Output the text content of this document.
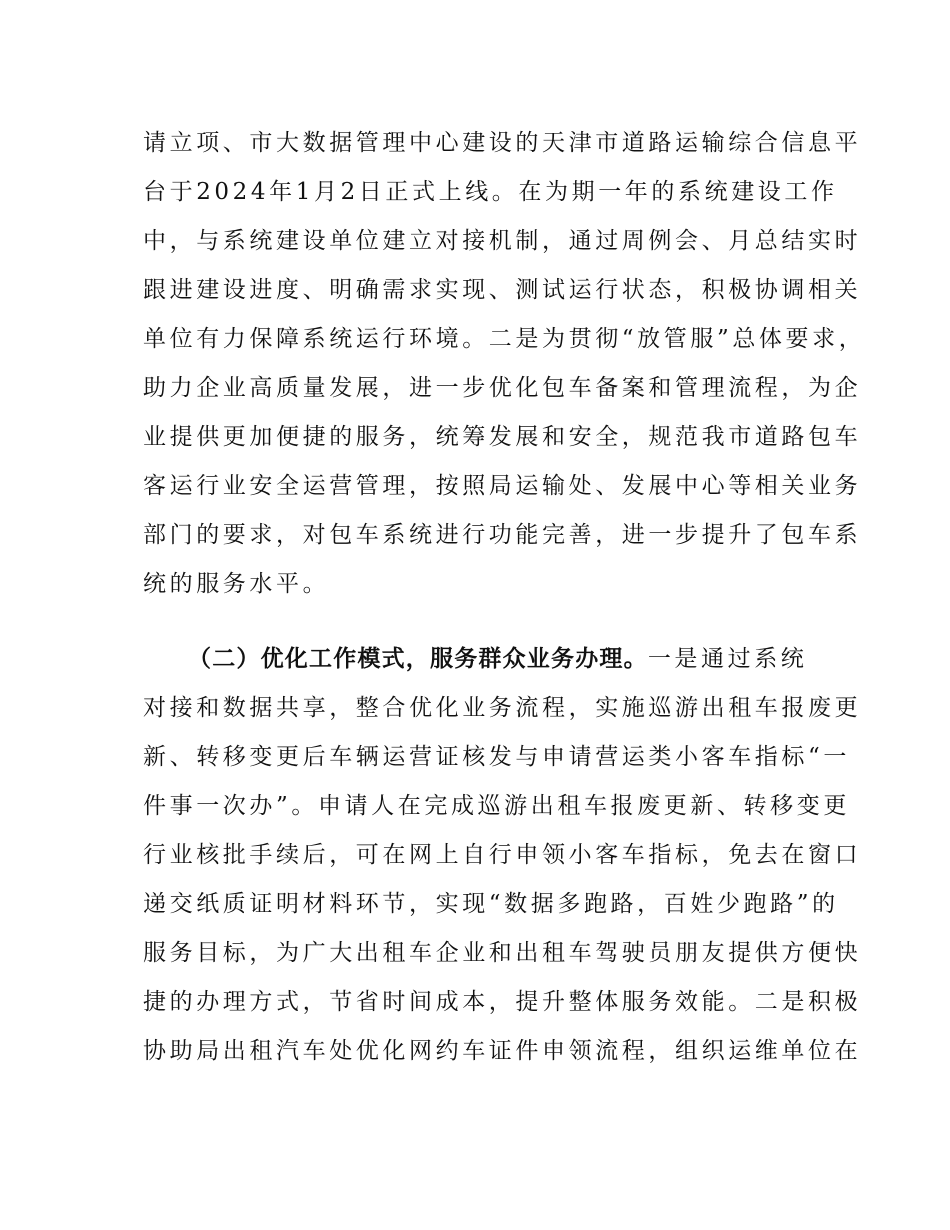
请立项、市大数据管理中心建设的天津市道路运输综合信息平
台于2024年1月2日正式上线。在为期一年的系统建设工作
中，与系统建设单位建立对接机制，通过周例会、月总结实时
跟进建设进度、明确需求实现、测试运行状态，积极协调相关
单位有力保障系统运行环境。二是为贯彻“放管服”总体要求，
助力企业高质量发展，进一步优化包车备案和管理流程，为企
业提供更加便捷的服务，统筹发展和安全，规范我市道路包车
客运行业安全运营管理，按照局运输处、发展中心等相关业务
部门的要求，对包车系统进行功能完善，进一步提升了包车系
统的服务水平。
（二）优化工作模式，服务群众业务办理。一是通过系统
对接和数据共享，整合优化业务流程，实施巡游出租车报废更
新、转移变更后车辆运营证核发与申请营运类小客车指标“一
件事一次办”。申请人在完成巡游出租车报废更新、转移变更
行业核批手续后，可在网上自行申领小客车指标，免去在窗口
递交纸质证明材料环节，实现“数据多跑路，百姓少跑路”的
服务目标，为广大出租车企业和出租车驾驶员朋友提供方便快
捷的办理方式，节省时间成本，提升整体服务效能。二是积极
协助局出租汽车处优化网约车证件申领流程，组织运维单位在
